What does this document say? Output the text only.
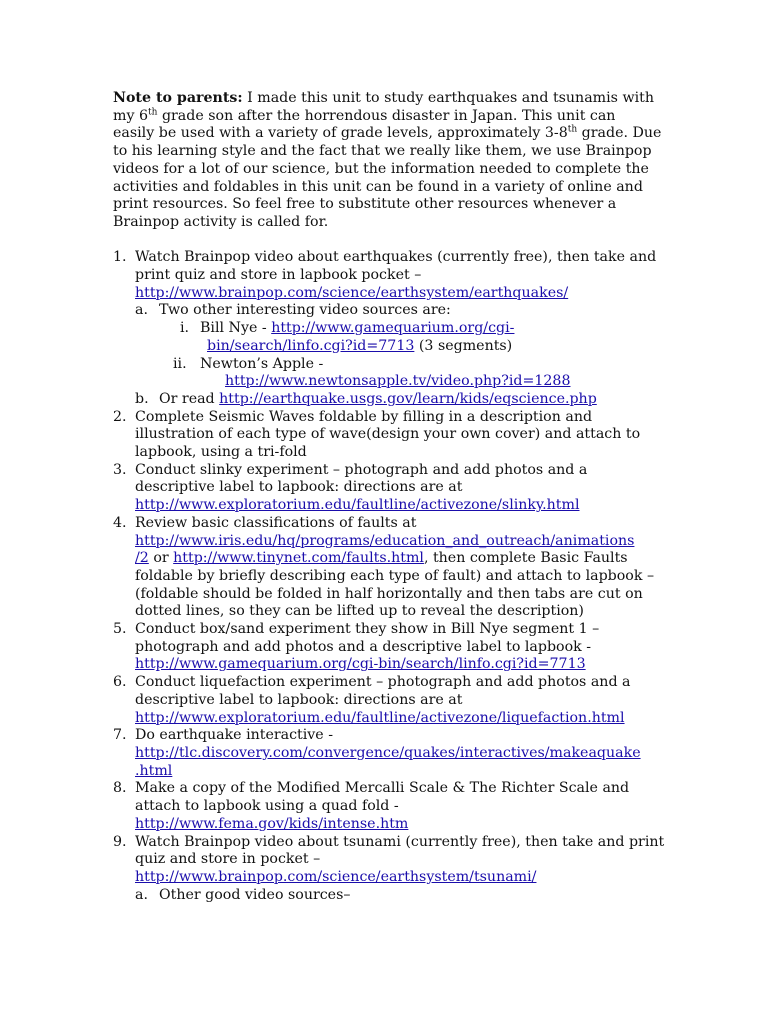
Note to parents: I made this unit to study earthquakes and tsunamis with
my 6th grade son after the horrendous disaster in Japan. This unit can
easily be used with a variety of grade levels, approximately 3-8th grade. Due
to his learning style and the fact that we really like them, we use Brainpop
videos for a lot of our science, but the information needed to complete the
activities and foldables in this unit can be found in a variety of online and
print resources. So feel free to substitute other resources whenever a
Brainpop activity is called for.
1. Watch Brainpop video about earthquakes (currently free), then take and
print quiz and store in lapbook pocket –
http://www.brainpop.com/science/earthsystem/earthquakes/
a. Two other interesting video sources are:
i. Bill Nye - http://www.gamequarium.org/cgi-
bin/search/linfo.cgi?id=7713 (3 segments)
ii. Newton’s Apple -
http://www.newtonsapple.tv/video.php?id=1288
b. Or read http://earthquake.usgs.gov/learn/kids/eqscience.php
2. Complete Seismic Waves foldable by filling in a description and
illustration of each type of wave(design your own cover) and attach to
lapbook, using a tri-fold
3. Conduct slinky experiment – photograph and add photos and a
descriptive label to lapbook: directions are at
http://www.exploratorium.edu/faultline/activezone/slinky.html
4. Review basic classifications of faults at
http://www.iris.edu/hq/programs/education_and_outreach/animations
/2 or http://www.tinynet.com/faults.html, then complete Basic Faults
foldable by briefly describing each type of fault) and attach to lapbook –
(foldable should be folded in half horizontally and then tabs are cut on
dotted lines, so they can be lifted up to reveal the description)
5. Conduct box/sand experiment they show in Bill Nye segment 1 –
photograph and add photos and a descriptive label to lapbook -
http://www.gamequarium.org/cgi-bin/search/linfo.cgi?id=7713
6. Conduct liquefaction experiment – photograph and add photos and a
descriptive label to lapbook: directions are at
http://www.exploratorium.edu/faultline/activezone/liquefaction.html
7. Do earthquake interactive -
http://tlc.discovery.com/convergence/quakes/interactives/makeaquake
.html
8. Make a copy of the Modified Mercalli Scale & The Richter Scale and
attach to lapbook using a quad fold -
http://www.fema.gov/kids/intense.htm
9. Watch Brainpop video about tsunami (currently free), then take and print
quiz and store in pocket –
http://www.brainpop.com/science/earthsystem/tsunami/
a. Other good video sources–
